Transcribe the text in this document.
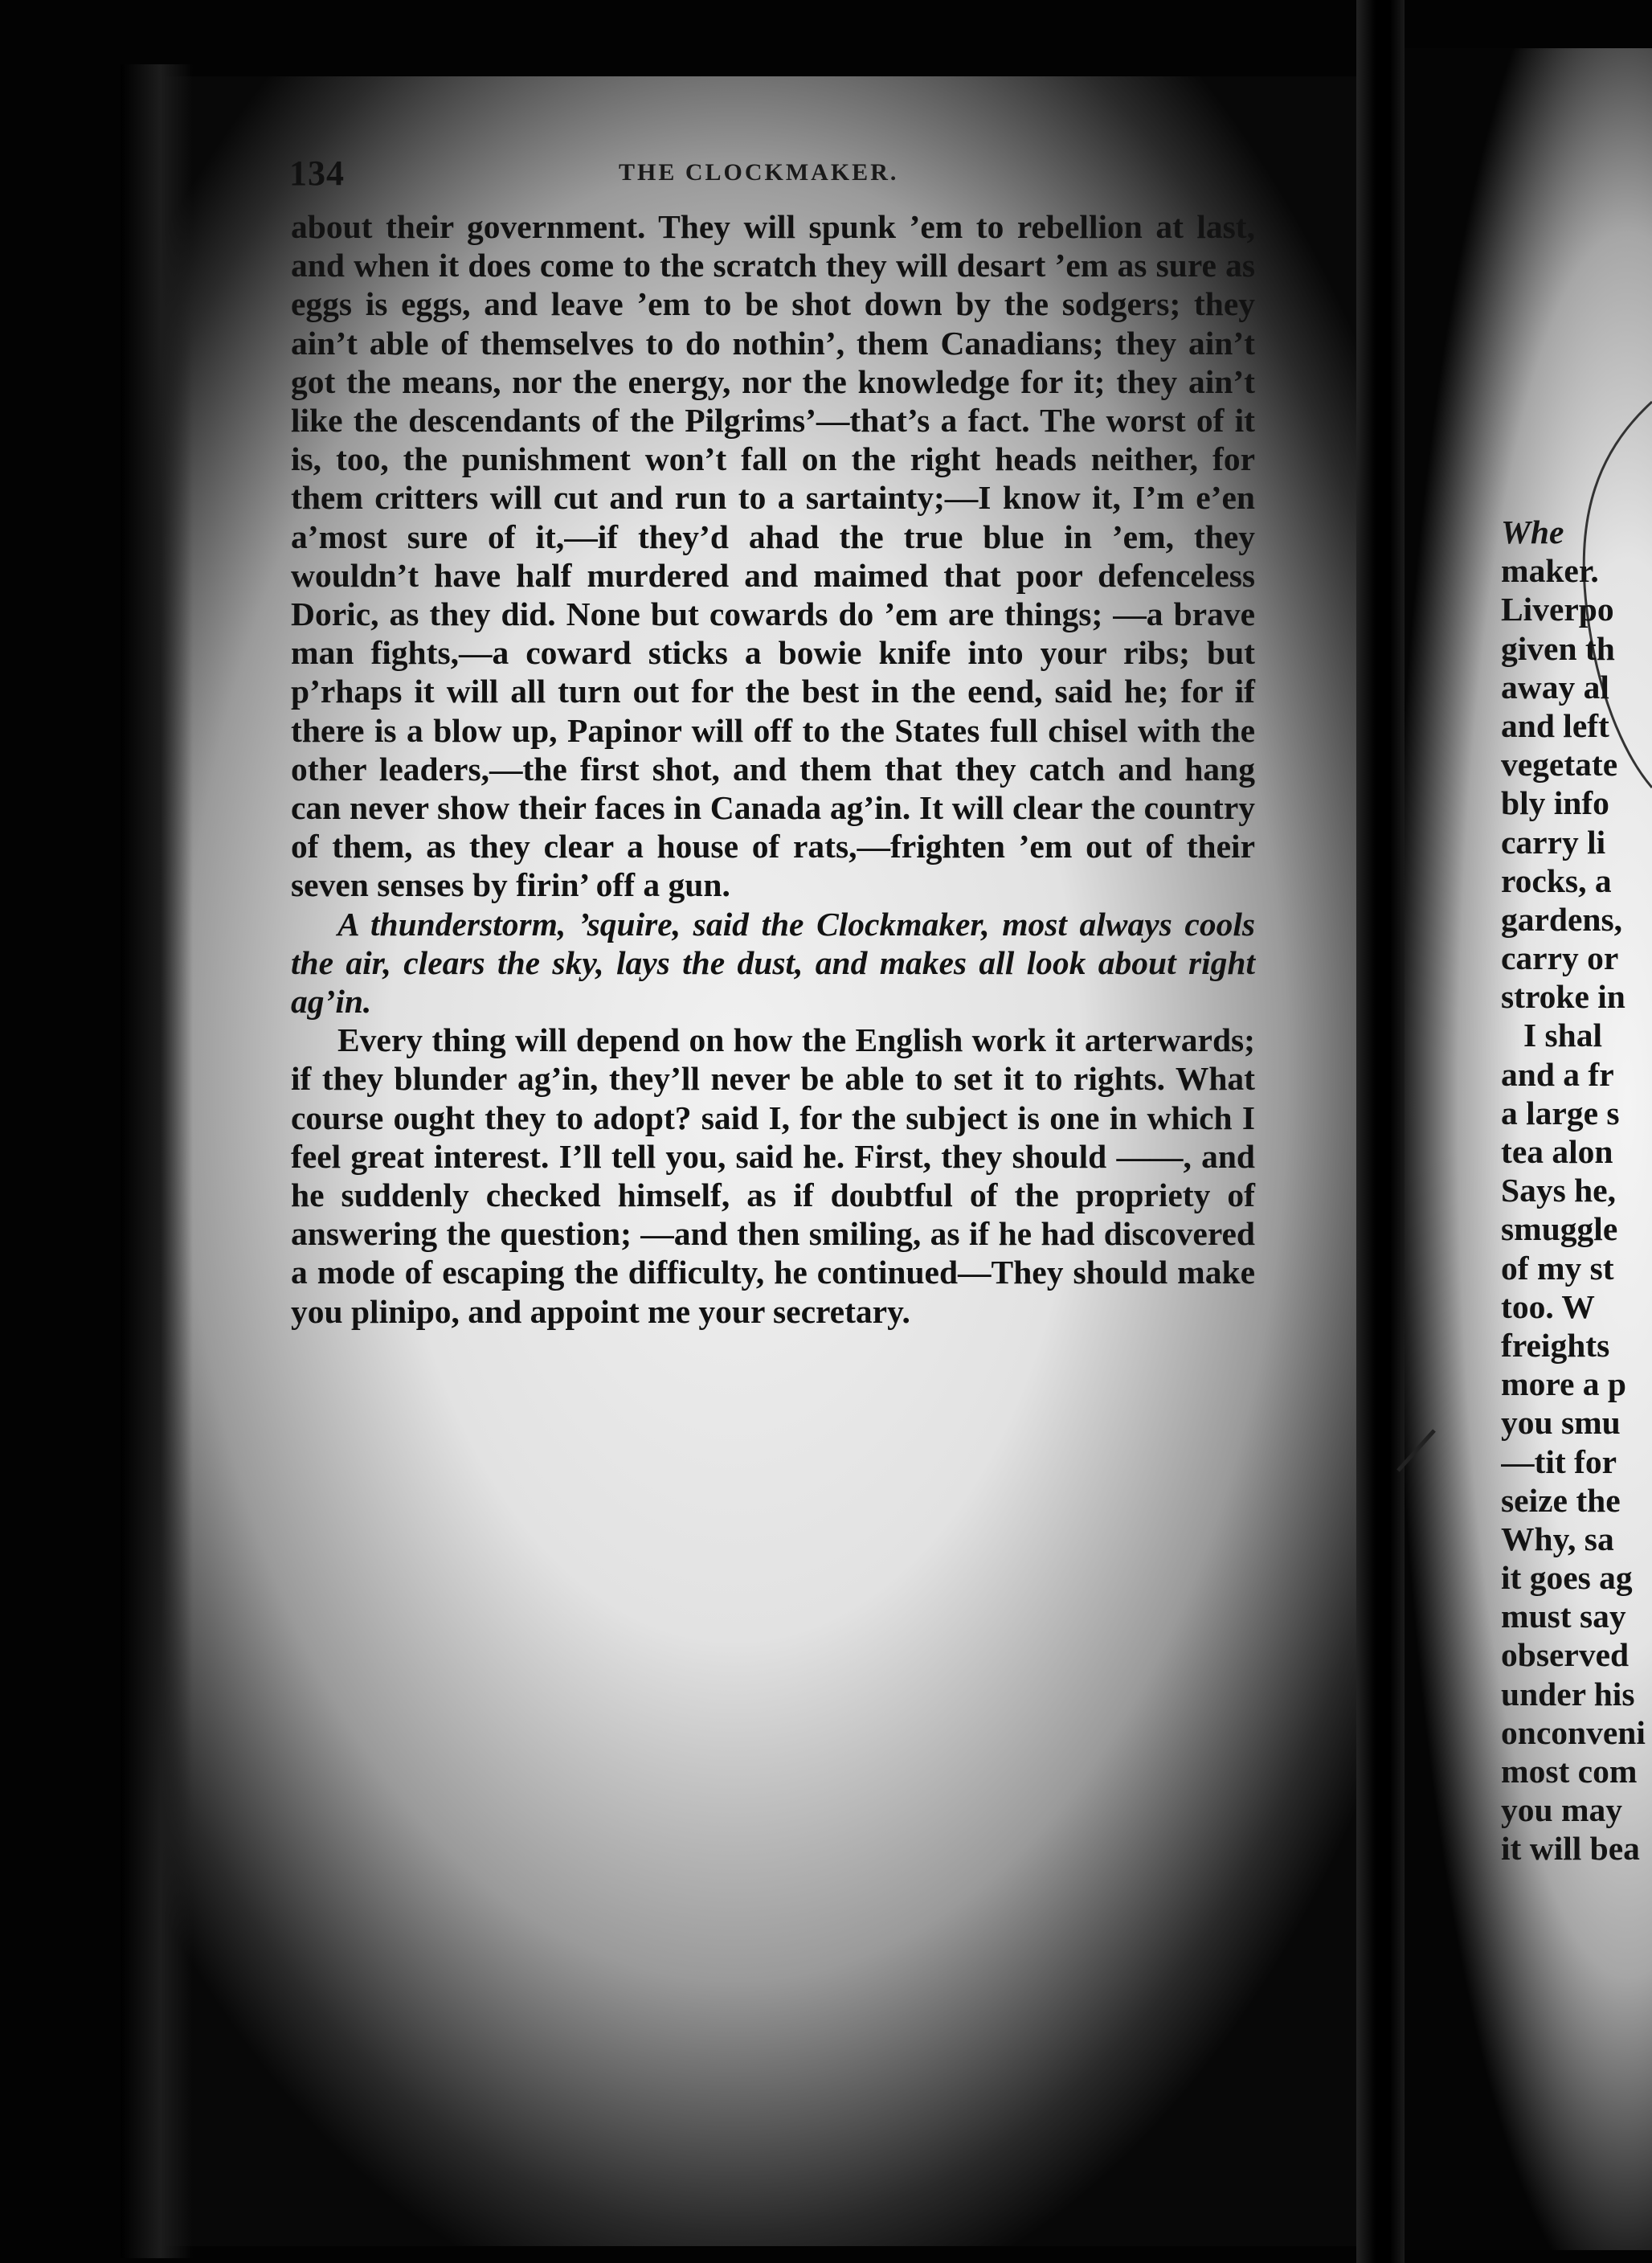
134	THE CLOCKMAKER.

about their government. They will spunk ’em to rebellion at last, and when it does come to the scratch they will desart ’em as sure as eggs is eggs, and leave ’em to be shot down by the sodgers; they ain’t able of themselves to do nothin’, them Canadians; they ain’t got the means, nor the energy, nor the knowledge for it; they ain’t like the descendants of the Pilgrims’—that’s a fact. The worst of it is, too, the punishment won’t fall on the right heads neither, for them critters will cut and run to a sartainty;—I know it, I’m e’en a’most sure of it,—if they’d ahad the true blue in ’em, they wouldn’t have half murdered and maimed that poor defenceless Doric, as they did. None but cowards do ’em are things; —a brave man fights,—a coward sticks a bowie knife into your ribs; but p’rhaps it will all turn out for the best in the eend, said he; for if there is a blow up, Papinor will off to the States full chisel with the other leaders,—the first shot, and them that they catch and hang can never show their faces in Canada ag’in. It will clear the country of them, as they clear a house of rats,—frighten ’em out of their seven senses by firin’ off a gun.

A thunderstorm, ’squire, said the Clockmaker, most always cools the air, clears the sky, lays the dust, and makes all look about right ag’in.

Every thing will depend on how the English work it arterwards; if they blunder ag’in, they’ll never be able to set it to rights. What course ought they to adopt? said I, for the subject is one in which I feel great interest. I’ll tell you, said he. First, they should ——, and he suddenly checked himself, as if doubtful of the propriety of answering the question; —and then smiling, as if he had discovered a mode of escaping the difficulty, he continued—They should make you plinipo, and appoint me your secretary.

Whe
maker.
Liverpo
given th
away al
and left
vegetate
bly info
carry li
rocks, a
gardens,
carry or
stroke in
I shal
and a fr
a large s
tea alon
Says he,
smuggle
of my st
too. W
freights
more a p
you smu
—tit for
seize the
Why, sa
it goes ag
must say
observed
under his
onconveni
most com
you may
it will bea
